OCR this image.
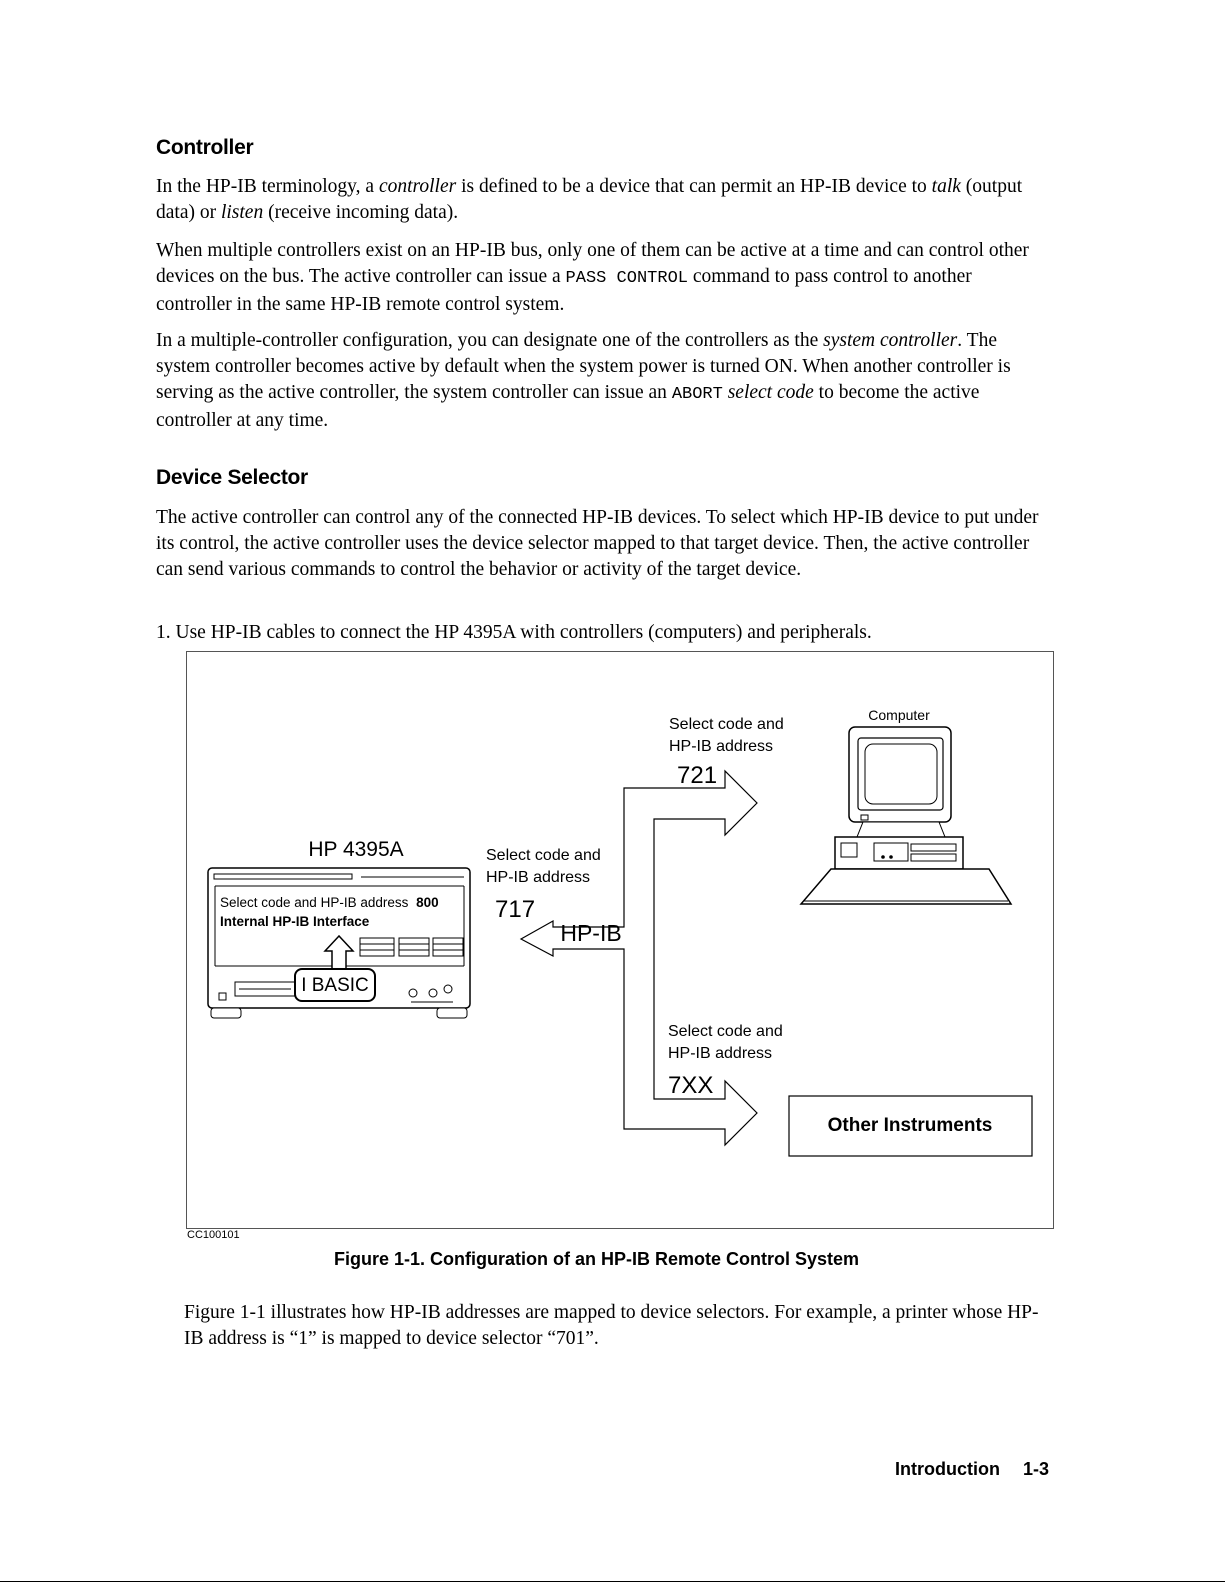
Controller

In the HP-IB terminology, a controller is defined to be a device that can permit an HP-IB device to talk (output data) or listen (receive incoming data).

When multiple controllers exist on an HP-IB bus, only one of them can be active at a time and can control other devices on the bus. The active controller can issue a PASS CONTROL command to pass control to another controller in the same HP-IB remote control system.

In a multiple-controller configuration, you can designate one of the controllers as the system controller. The system controller becomes active by default when the system power is turned ON. When another controller is serving as the active controller, the system controller can issue an ABORT select code to become the active controller at any time.

Device Selector

The active controller can control any of the connected HP-IB devices. To select which HP-IB device to put under its control, the active controller uses the device selector mapped to that target device. Then, the active controller can send various commands to control the behavior or activity of the target device.

1. Use HP-IB cables to connect the HP 4395A with controllers (computers) and peripherals.

I BASIC
HP 4395A
Select code and HP-IB address 800
Internal HP-IB Interface	HP-IB
Select code and
HP-IB address
717
Select code and
HP-IB address
721
Select code and
HP-IB address
7XX
Computer
Other Instruments
CC100101
Figure 1-1. Configuration of an HP-IB Remote Control System

Figure 1-1 illustrates how HP-IB addresses are mapped to device selectors. For example, a printer whose HP-IB address is “1” is mapped to device selector “701”.

Introduction 1-3
